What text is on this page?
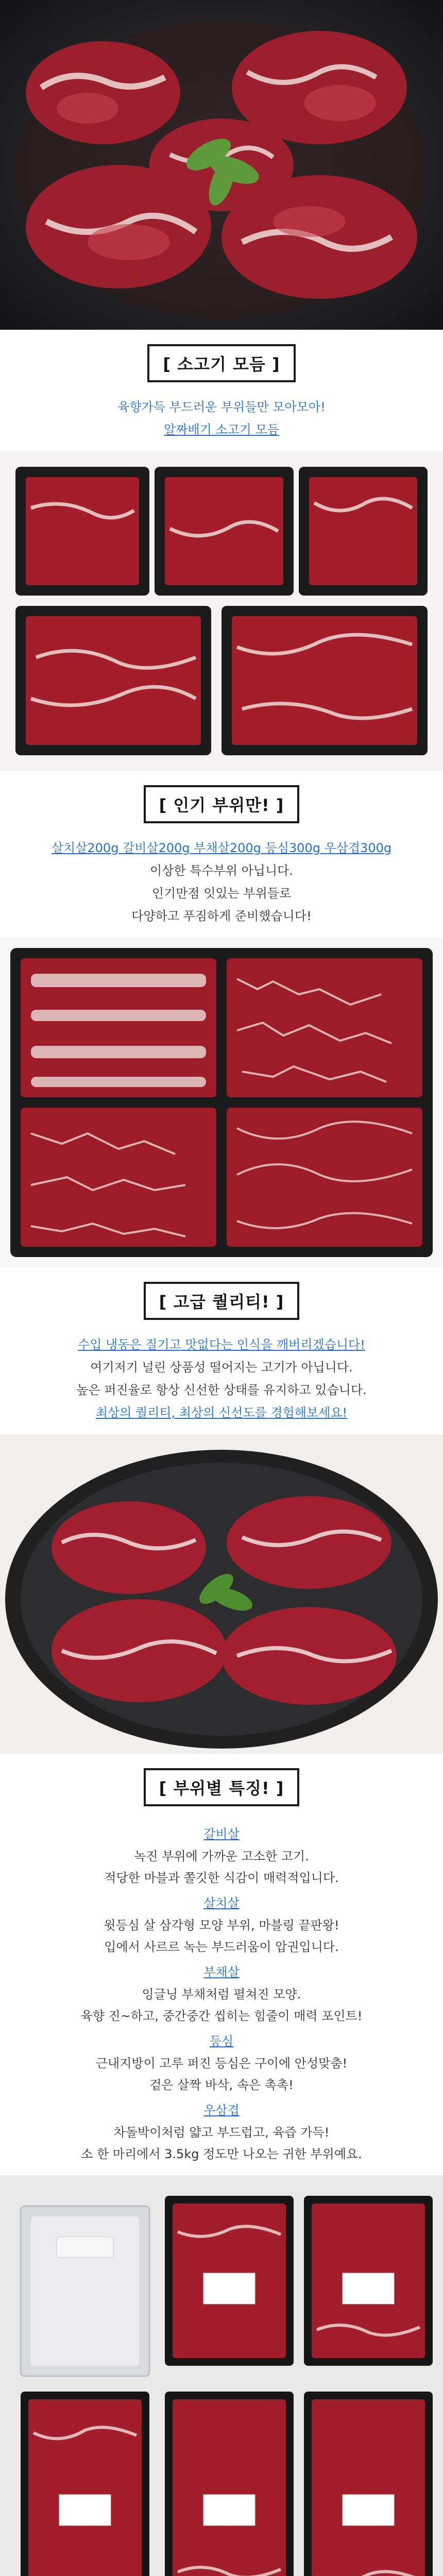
[ 소고기 모듬 ]
육향가득 부드러운 부위들만 모아모아!
알짜배기 소고기 모듬
[ 인기 부위만! ]
살치살200g 갈비살200g 부채살200g 등심300g 우삼겹300g
이상한 특수부위 아닙니다.
인기만점 잇있는 부위들로
다양하고 푸짐하게 준비했습니다!
[ 고급 퀄리티! ]
수입 냉동은 질기고 맛없다는 인식을 깨버리겠습니다!
여기저기 널린 상품성 떨어지는 고기가 아닙니다.
높은 퍼진율로 항상 신선한 상태를 유지하고 있습니다.
최상의 퀄리티, 최상의 신선도를 경험해보세요!
[ 부위별 특징! ]
갈비살
녹진 부위에 가까운 고소한 고기.
적당한 마블과 쫄깃한 식감이 매력적입니다.
살치살
윗등심 살 삼각형 모양 부위, 마블링 끝판왕!
입에서 사르르 녹는 부드러움이 압권입니다.
부채살
잉글닝 부채처럼 펼쳐진 모양.
육향 진~하고, 중간중간 씹히는 힘줄이 매력 포인트!
등심
근내지방이 고루 퍼진 등심은 구이에 안성맞춤!
겉은 살짝 바삭, 속은 촉촉!
우삼겹
차돌박이처럼 얇고 부드럽고, 육즙 가득!
소 한 마리에서 3.5kg 정도만 나오는 귀한 부위예요.
